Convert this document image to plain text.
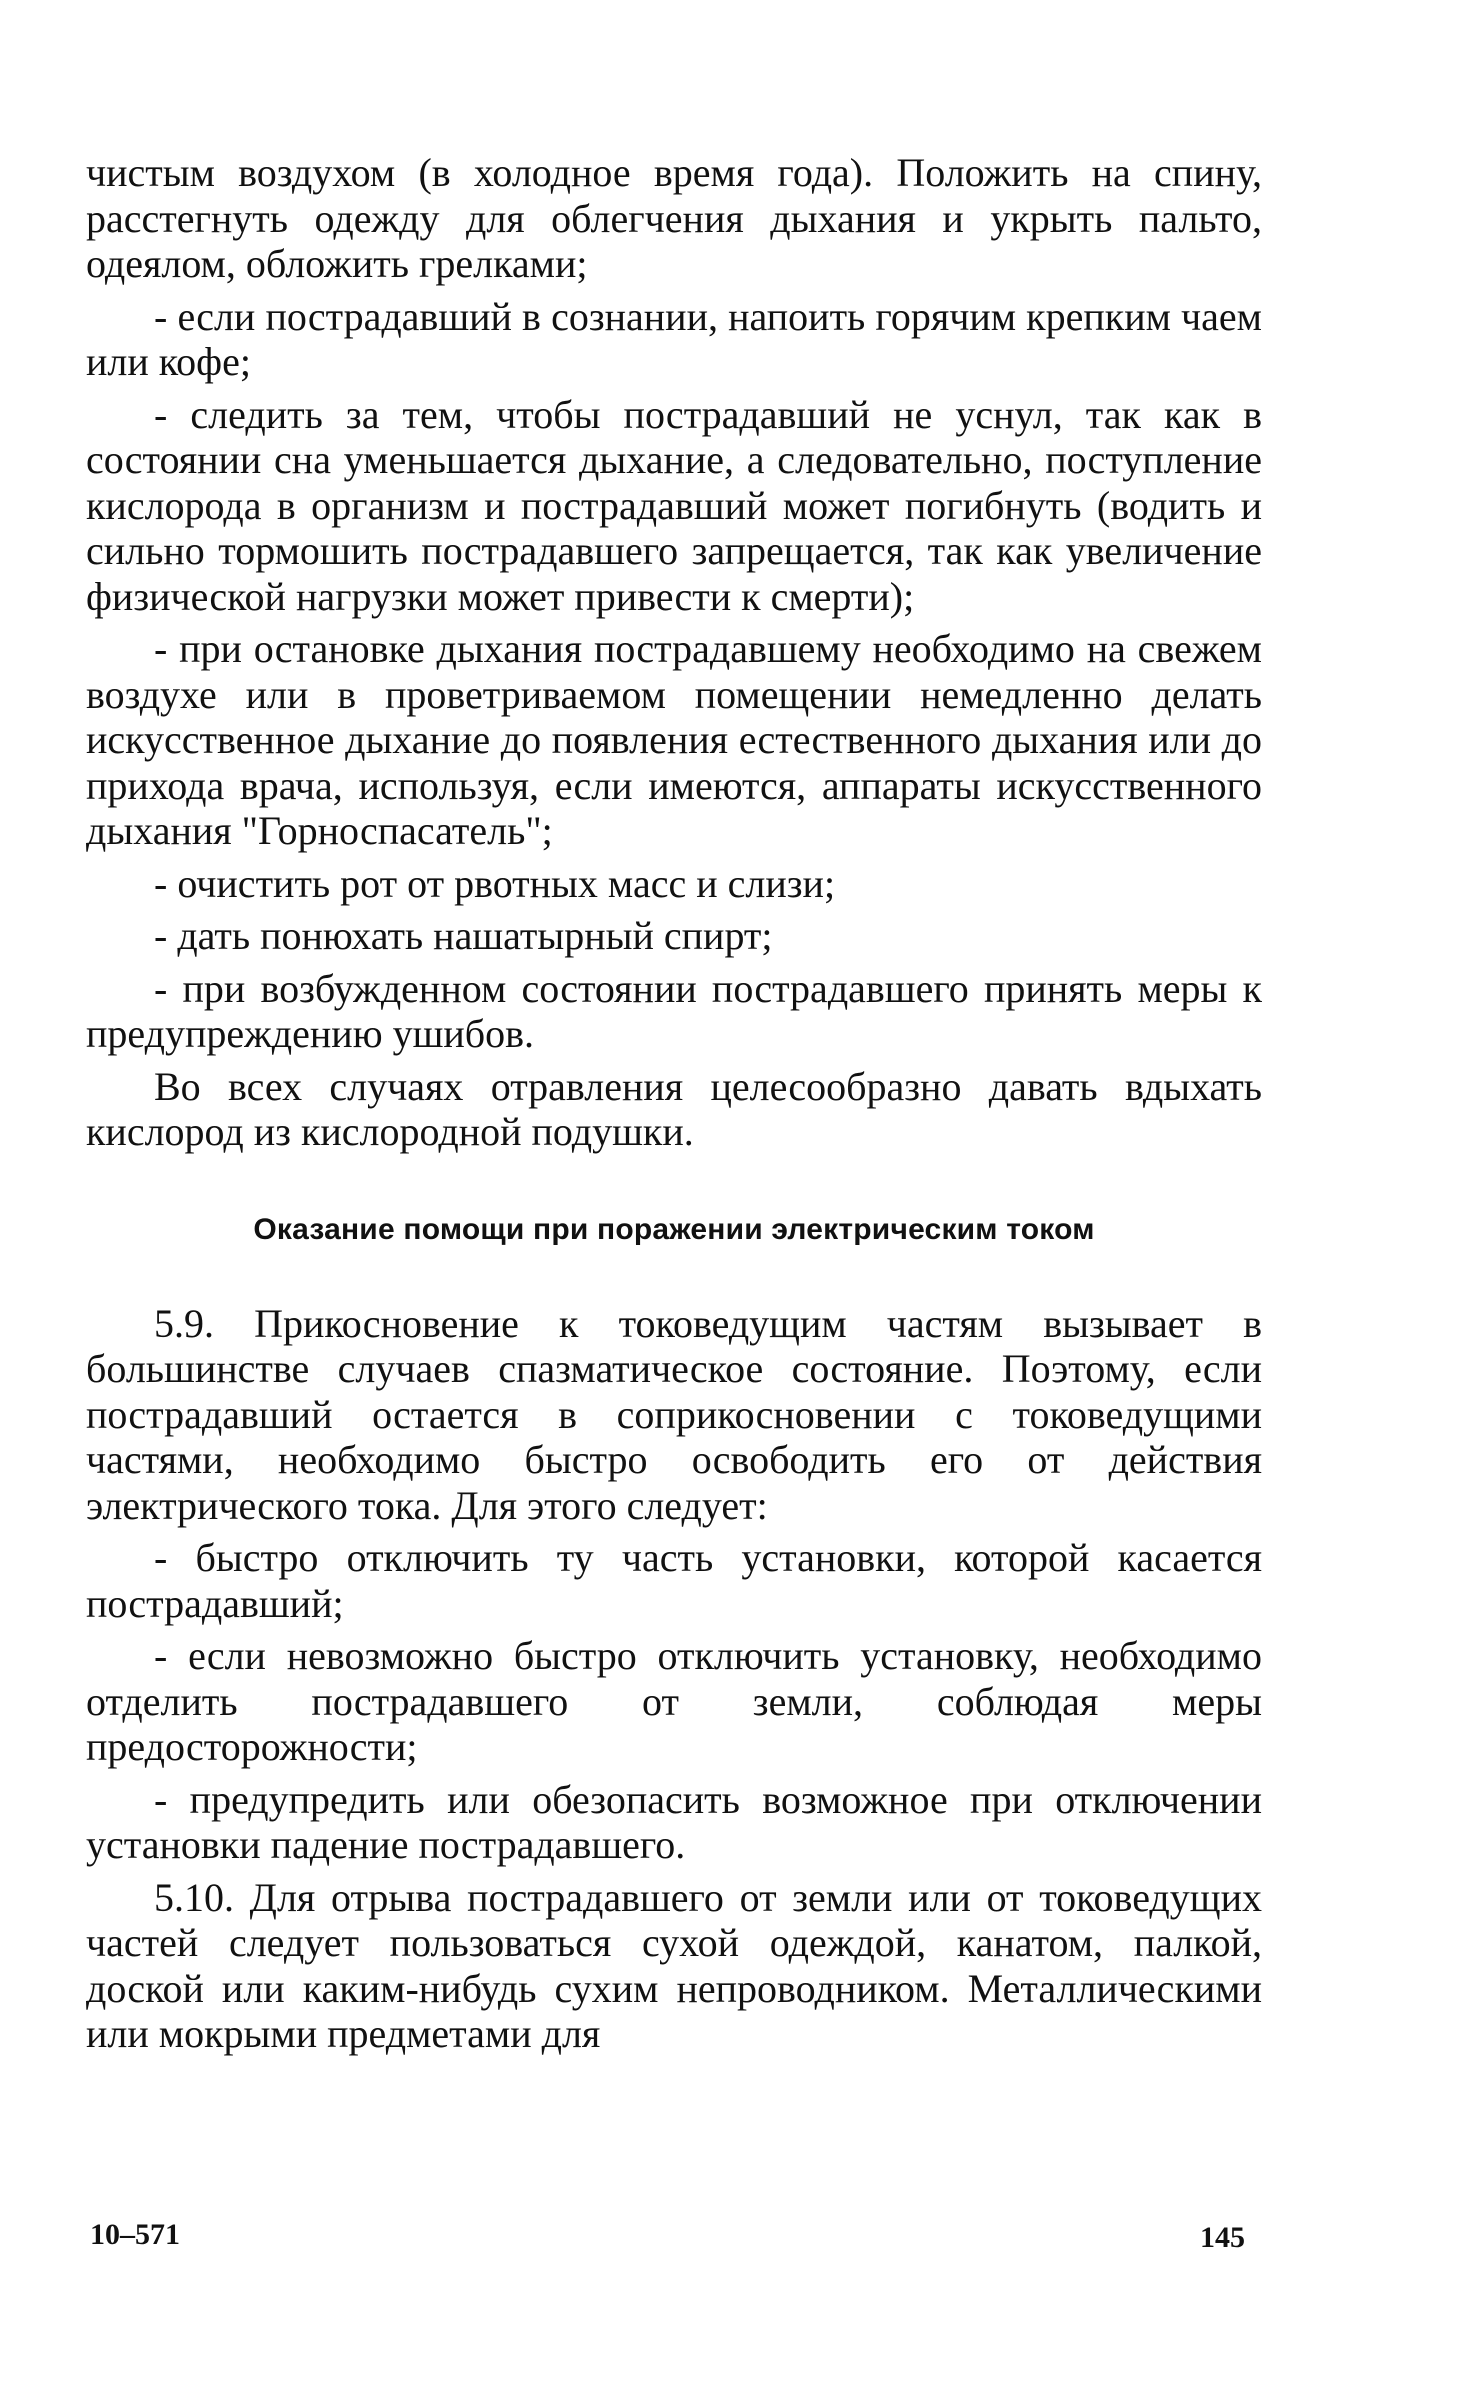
чистым воздухом (в холодное время года). Положить на спину, расстегнуть одежду для облегчения дыхания и укрыть пальто, одеялом, обложить грелками;

- если пострадавший в сознании, напоить горячим крепким чаем или кофе;

- следить за тем, чтобы пострадавший не уснул, так как в состоянии сна уменьшается дыхание, а следовательно, поступление кислорода в организм и пострадавший может погибнуть (водить и сильно тормошить пострадавшего запрещается, так как увеличение физической нагрузки может привести к смерти);

- при остановке дыхания пострадавшему необходимо на свежем воздухе или в проветриваемом помещении немедленно делать искусственное дыхание до появления естественного дыхания или до прихода врача, используя, если имеются, аппараты искусственного дыхания "Горноспасатель";

- очистить рот от рвотных масс и слизи;

- дать понюхать нашатырный спирт;

- при возбужденном состоянии пострадавшего принять меры к предупреждению ушибов.

Во всех случаях отравления целесообразно давать вдыхать кислород из кислородной подушки.

Оказание помощи при поражении электрическим током

5.9. Прикосновение к токоведущим частям вызывает в большинстве случаев спазматическое состояние. Поэтому, если пострадавший остается в соприкосновении с токоведущими частями, необходимо быстро освободить его от действия электрического тока. Для этого следует:

- быстро отключить ту часть установки, которой касается пострадавший;

- если невозможно быстро отключить установку, необходимо отделить пострадавшего от земли, соблюдая меры предосторожности;

- предупредить или обезопасить возможное при отключении установки падение пострадавшего.

5.10. Для отрыва пострадавшего от земли или от токоведущих частей следует пользоваться сухой одеждой, канатом, палкой, доской или каким-нибудь сухим непроводником. Металлическими или мокрыми предметами для

10–571	145
